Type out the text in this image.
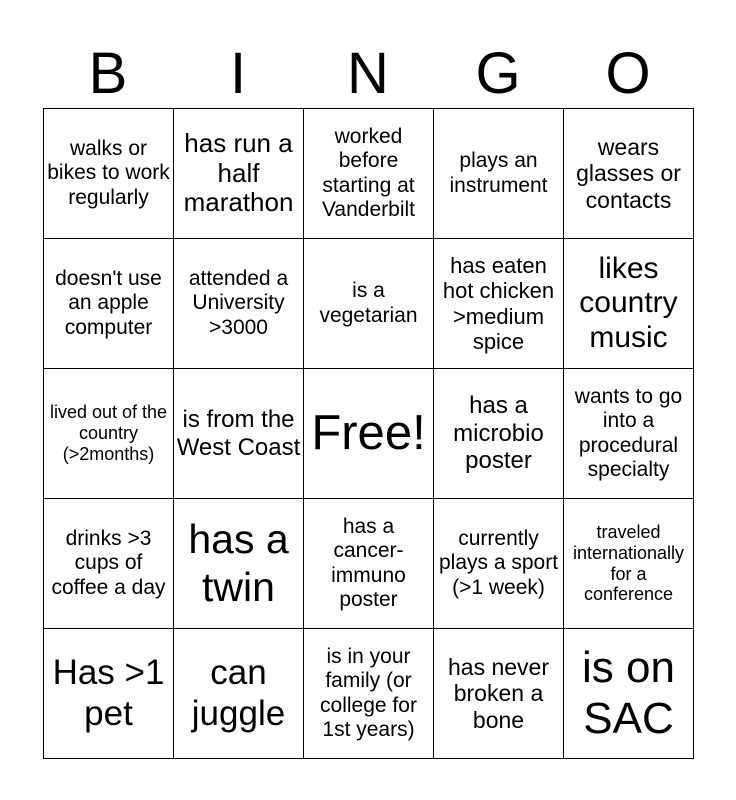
B	I	N	G	O
walks or bikes to work regularly	has run a half marathon	worked before starting at Vanderbilt	plays an instrument	wears glasses or contacts
doesn't use an apple computer	attended a University >3000	is a vegetarian	has eaten hot chicken >medium spice	likes country music
lived out of the country (>2months)	is from the West Coast	Free!	has a microbio poster	wants to go into a procedural specialty
drinks >3 cups of coffee a day	has a twin	has a cancer-immuno poster	currently plays a sport (>1 week)	traveled internationally for a conference
Has >1 pet	can juggle	is in your family (or college for 1st years)	has never broken a bone	is on SAC
